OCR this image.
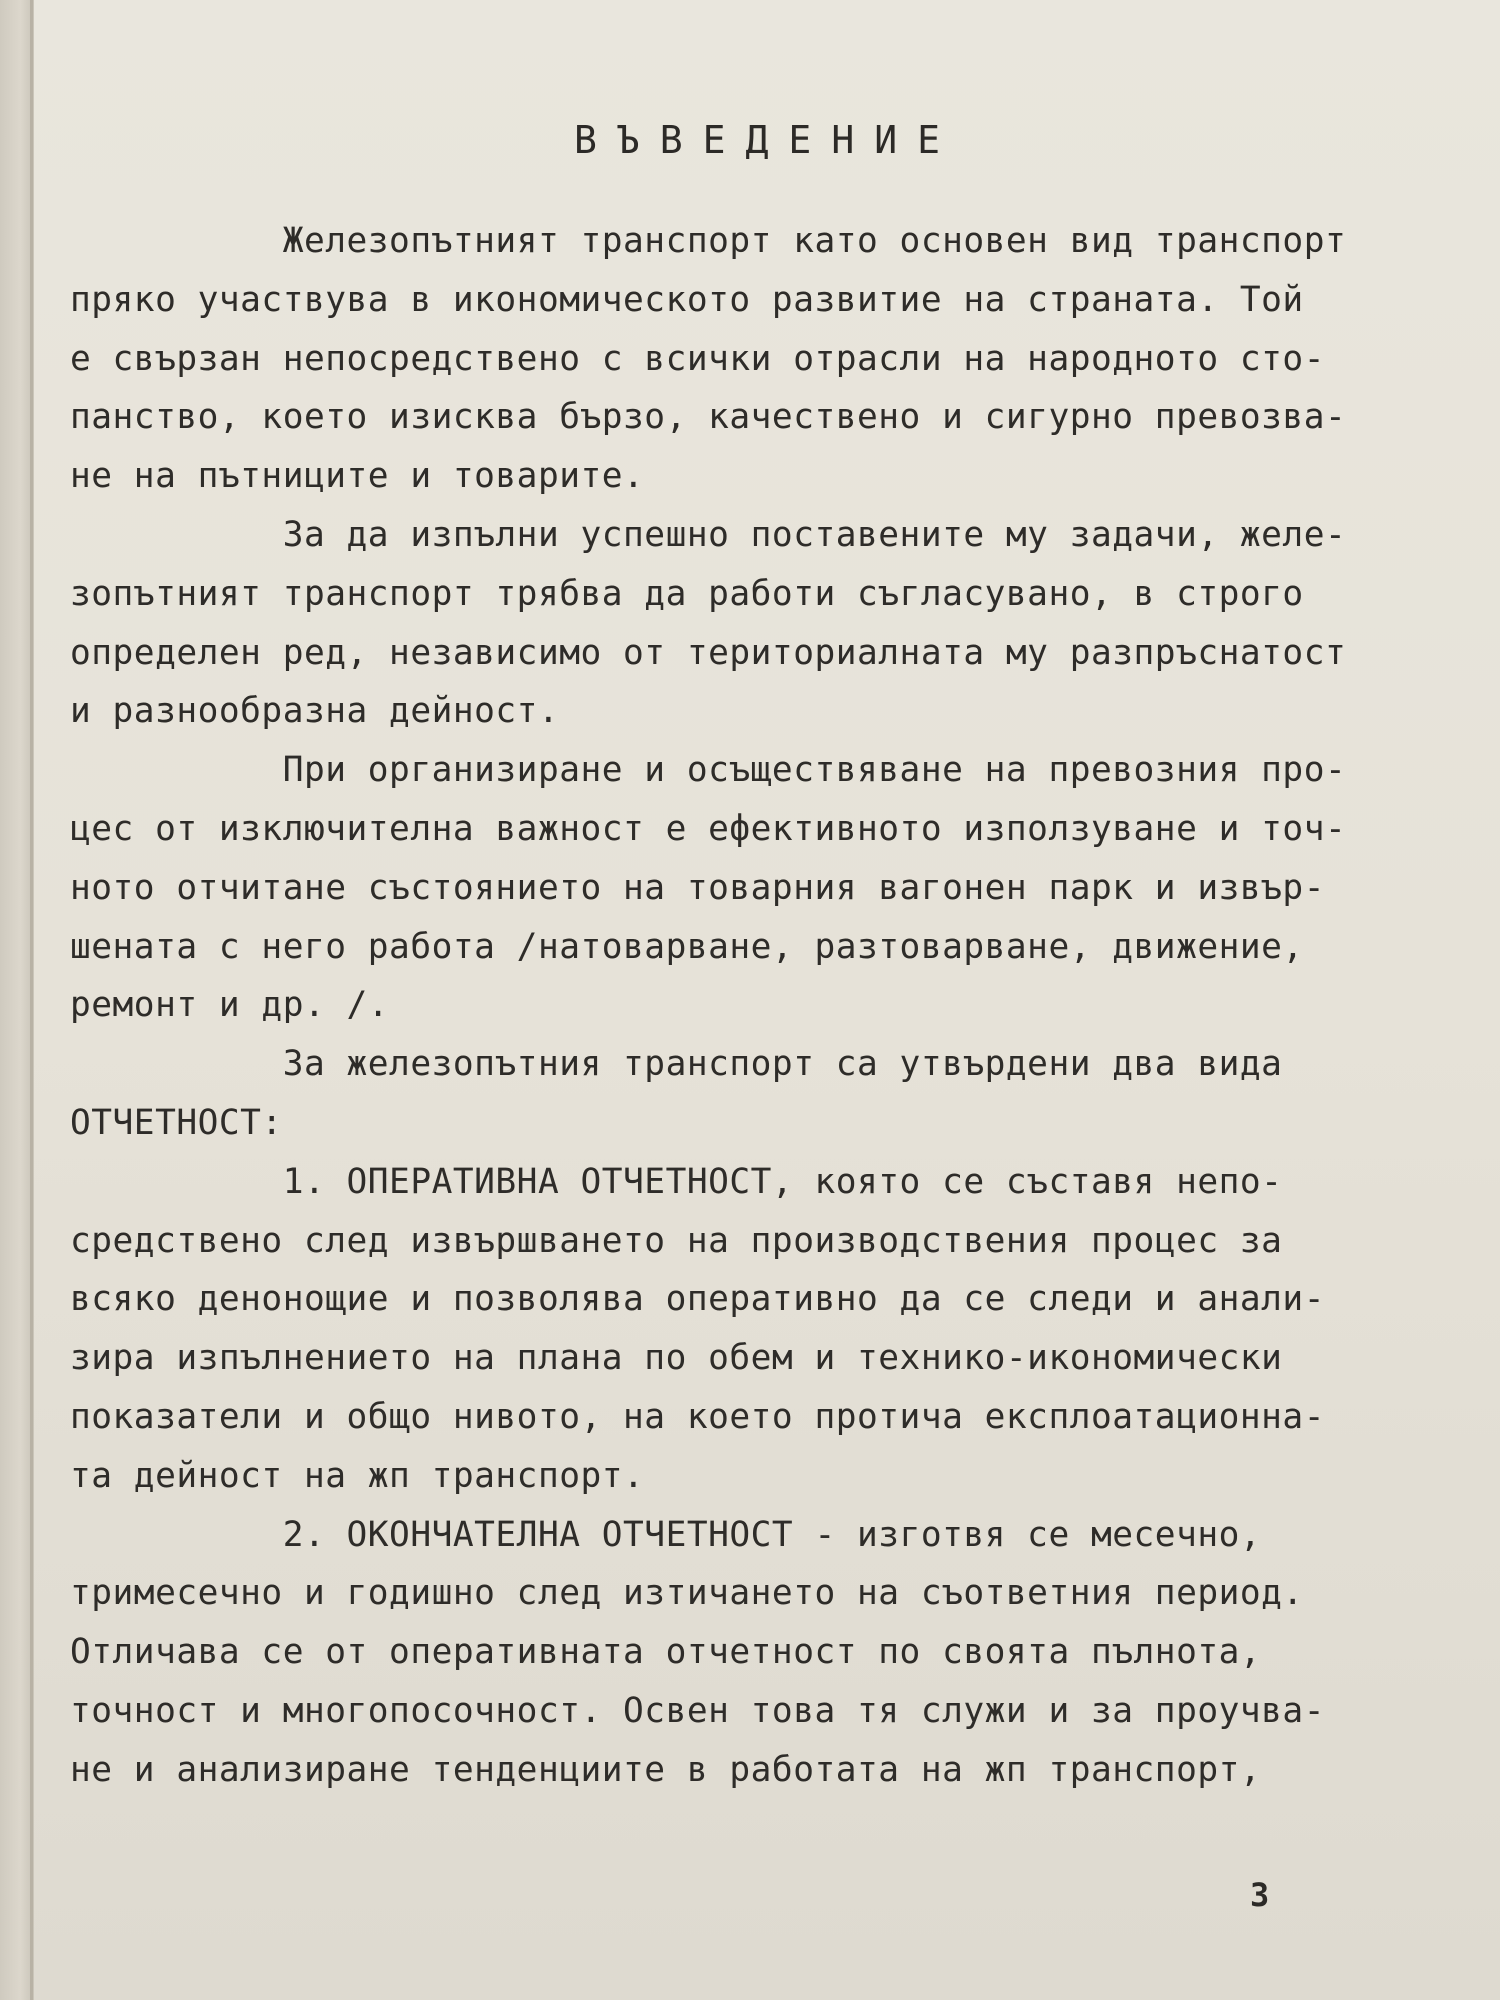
ВЪВЕДЕНИЕ
Железопътният транспорт като основен вид транспорт
пряко участвува в икономическото развитие на страната. Той
е свързан непосредствено с всички отрасли на народното сто-
панство, което изисква бързо, качествено и сигурно превозва-
не на пътниците и товарите.
За да изпълни успешно поставените му задачи, желе-
зопътният транспорт трябва да работи съгласувано, в строго
определен ред, независимо от териториалната му разпръснатост
и разнообразна дейност.
При организиране и осъществяване на превозния про-
цес от изключителна важност е ефективното използуване и точ-
ното отчитане състоянието на товарния вагонен парк и извър-
шената с него работа /натоварване, разтоварване, движение,
ремонт и др. /.
За железопътния транспорт са утвърдени два вида
ОТЧЕТНОСТ:
1. ОПЕРАТИВНА ОТЧЕТНОСТ, която се съставя непо-
средствено след извършването на производствения процес за
всяко денонощие и позволява оперативно да се следи и анали-
зира изпълнението на плана по обем и технико-икономически
показатели и общо нивото, на което протича експлоатационна-
та дейност на жп транспорт.
2. ОКОНЧАТЕЛНА ОТЧЕТНОСТ - изготвя се месечно,
тримесечно и годишно след изтичането на съответния период.
Отличава се от оперативната отчетност по своята пълнота,
точност и многопосочност. Освен това тя служи и за проучва-
не и анализиране тенденциите в работата на жп транспорт,
3
